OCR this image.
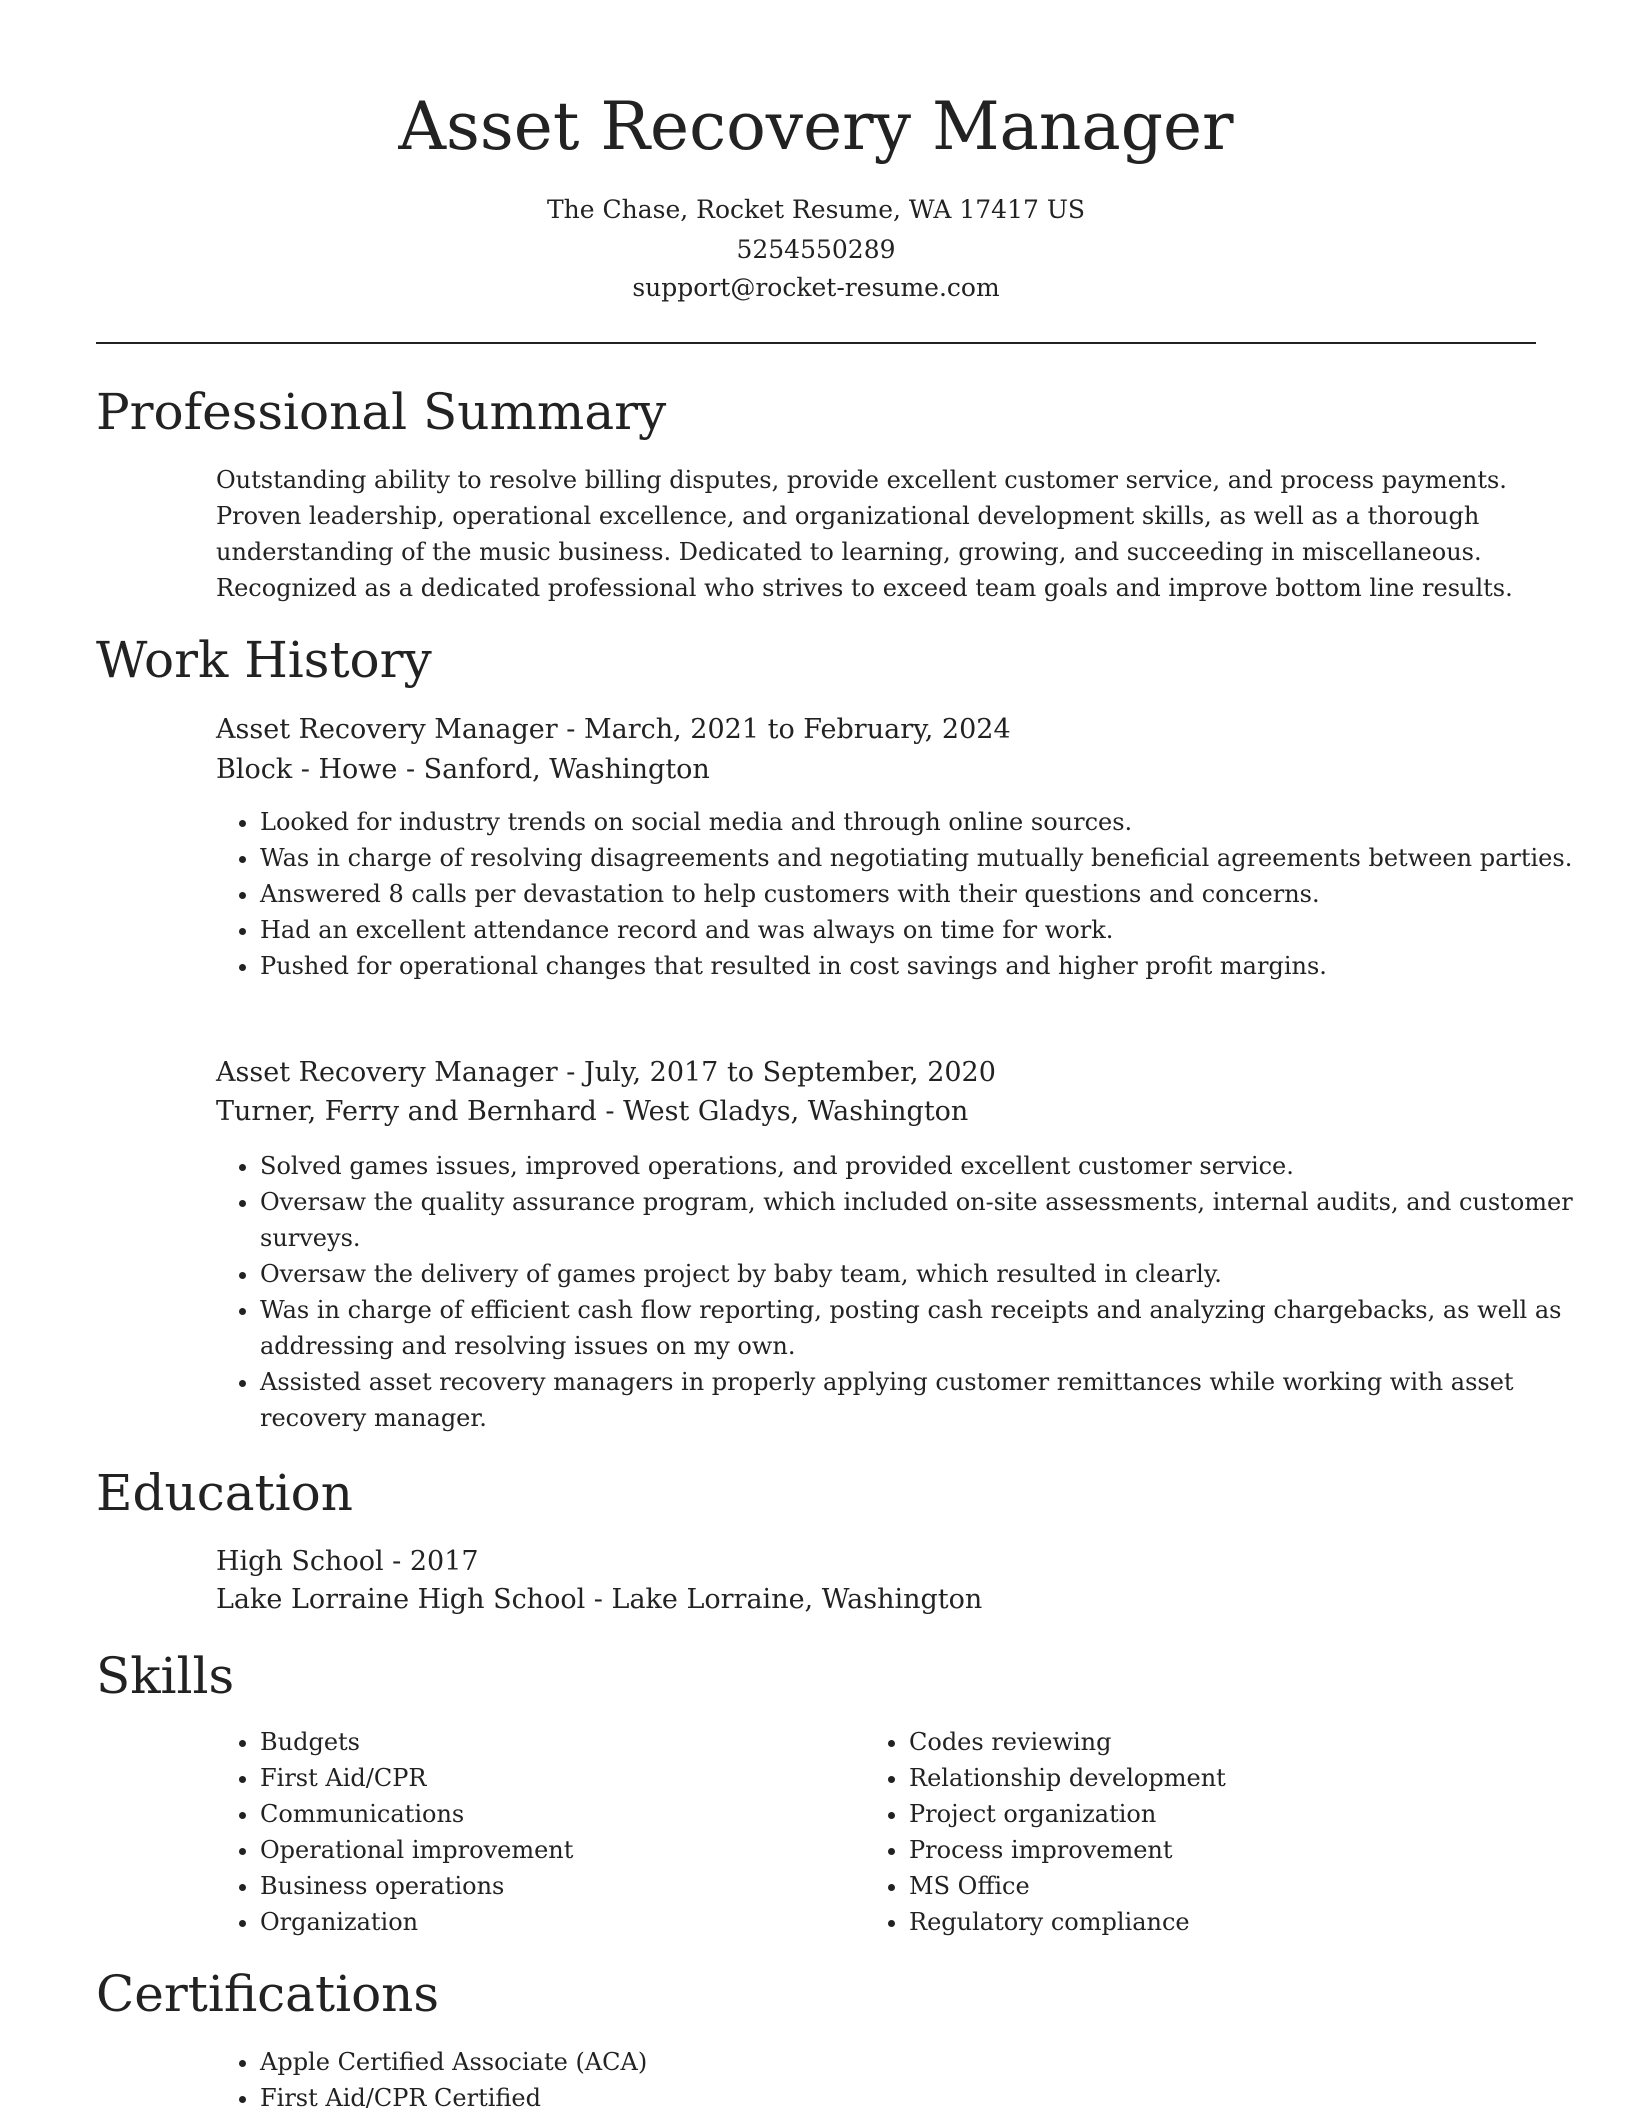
Asset Recovery Manager
The Chase, Rocket Resume, WA 17417 US
5254550289
support@rocket-resume.com
Professional Summary

Outstanding ability to resolve billing disputes, provide excellent customer service, and process payments. Proven leadership, operational excellence, and organizational development skills, as well as a thorough understanding of the music business. Dedicated to learning, growing, and succeeding in miscellaneous. Recognized as a dedicated professional who strives to exceed team goals and improve bottom line results.

Work History
Asset Recovery Manager - March, 2021 to February, 2024
Block - Howe - Sanford, Washington
• Looked for industry trends on social media and through online sources.
• Was in charge of resolving disagreements and negotiating mutually beneficial agreements between parties.
• Answered 8 calls per devastation to help customers with their questions and concerns.
• Had an excellent attendance record and was always on time for work.
• Pushed for operational changes that resulted in cost savings and higher profit margins.
Asset Recovery Manager - July, 2017 to September, 2020
Turner, Ferry and Bernhard - West Gladys, Washington
• Solved games issues, improved operations, and provided excellent customer service.
• Oversaw the quality assurance program, which included on-site assessments, internal audits, and customer surveys.
• Oversaw the delivery of games project by baby team, which resulted in clearly.
• Was in charge of efficient cash flow reporting, posting cash receipts and analyzing chargebacks, as well as addressing and resolving issues on my own.
• Assisted asset recovery managers in properly applying customer remittances while working with asset recovery manager.
Education
High School - 2017
Lake Lorraine High School - Lake Lorraine, Washington
Skills
• Budgets
• First Aid/CPR
• Communications
• Operational improvement
• Business operations
• Organization
• Codes reviewing
• Relationship development
• Project organization
• Process improvement
• MS Office
• Regulatory compliance
Certifications
• Apple Certified Associate (ACA)
• First Aid/CPR Certified
